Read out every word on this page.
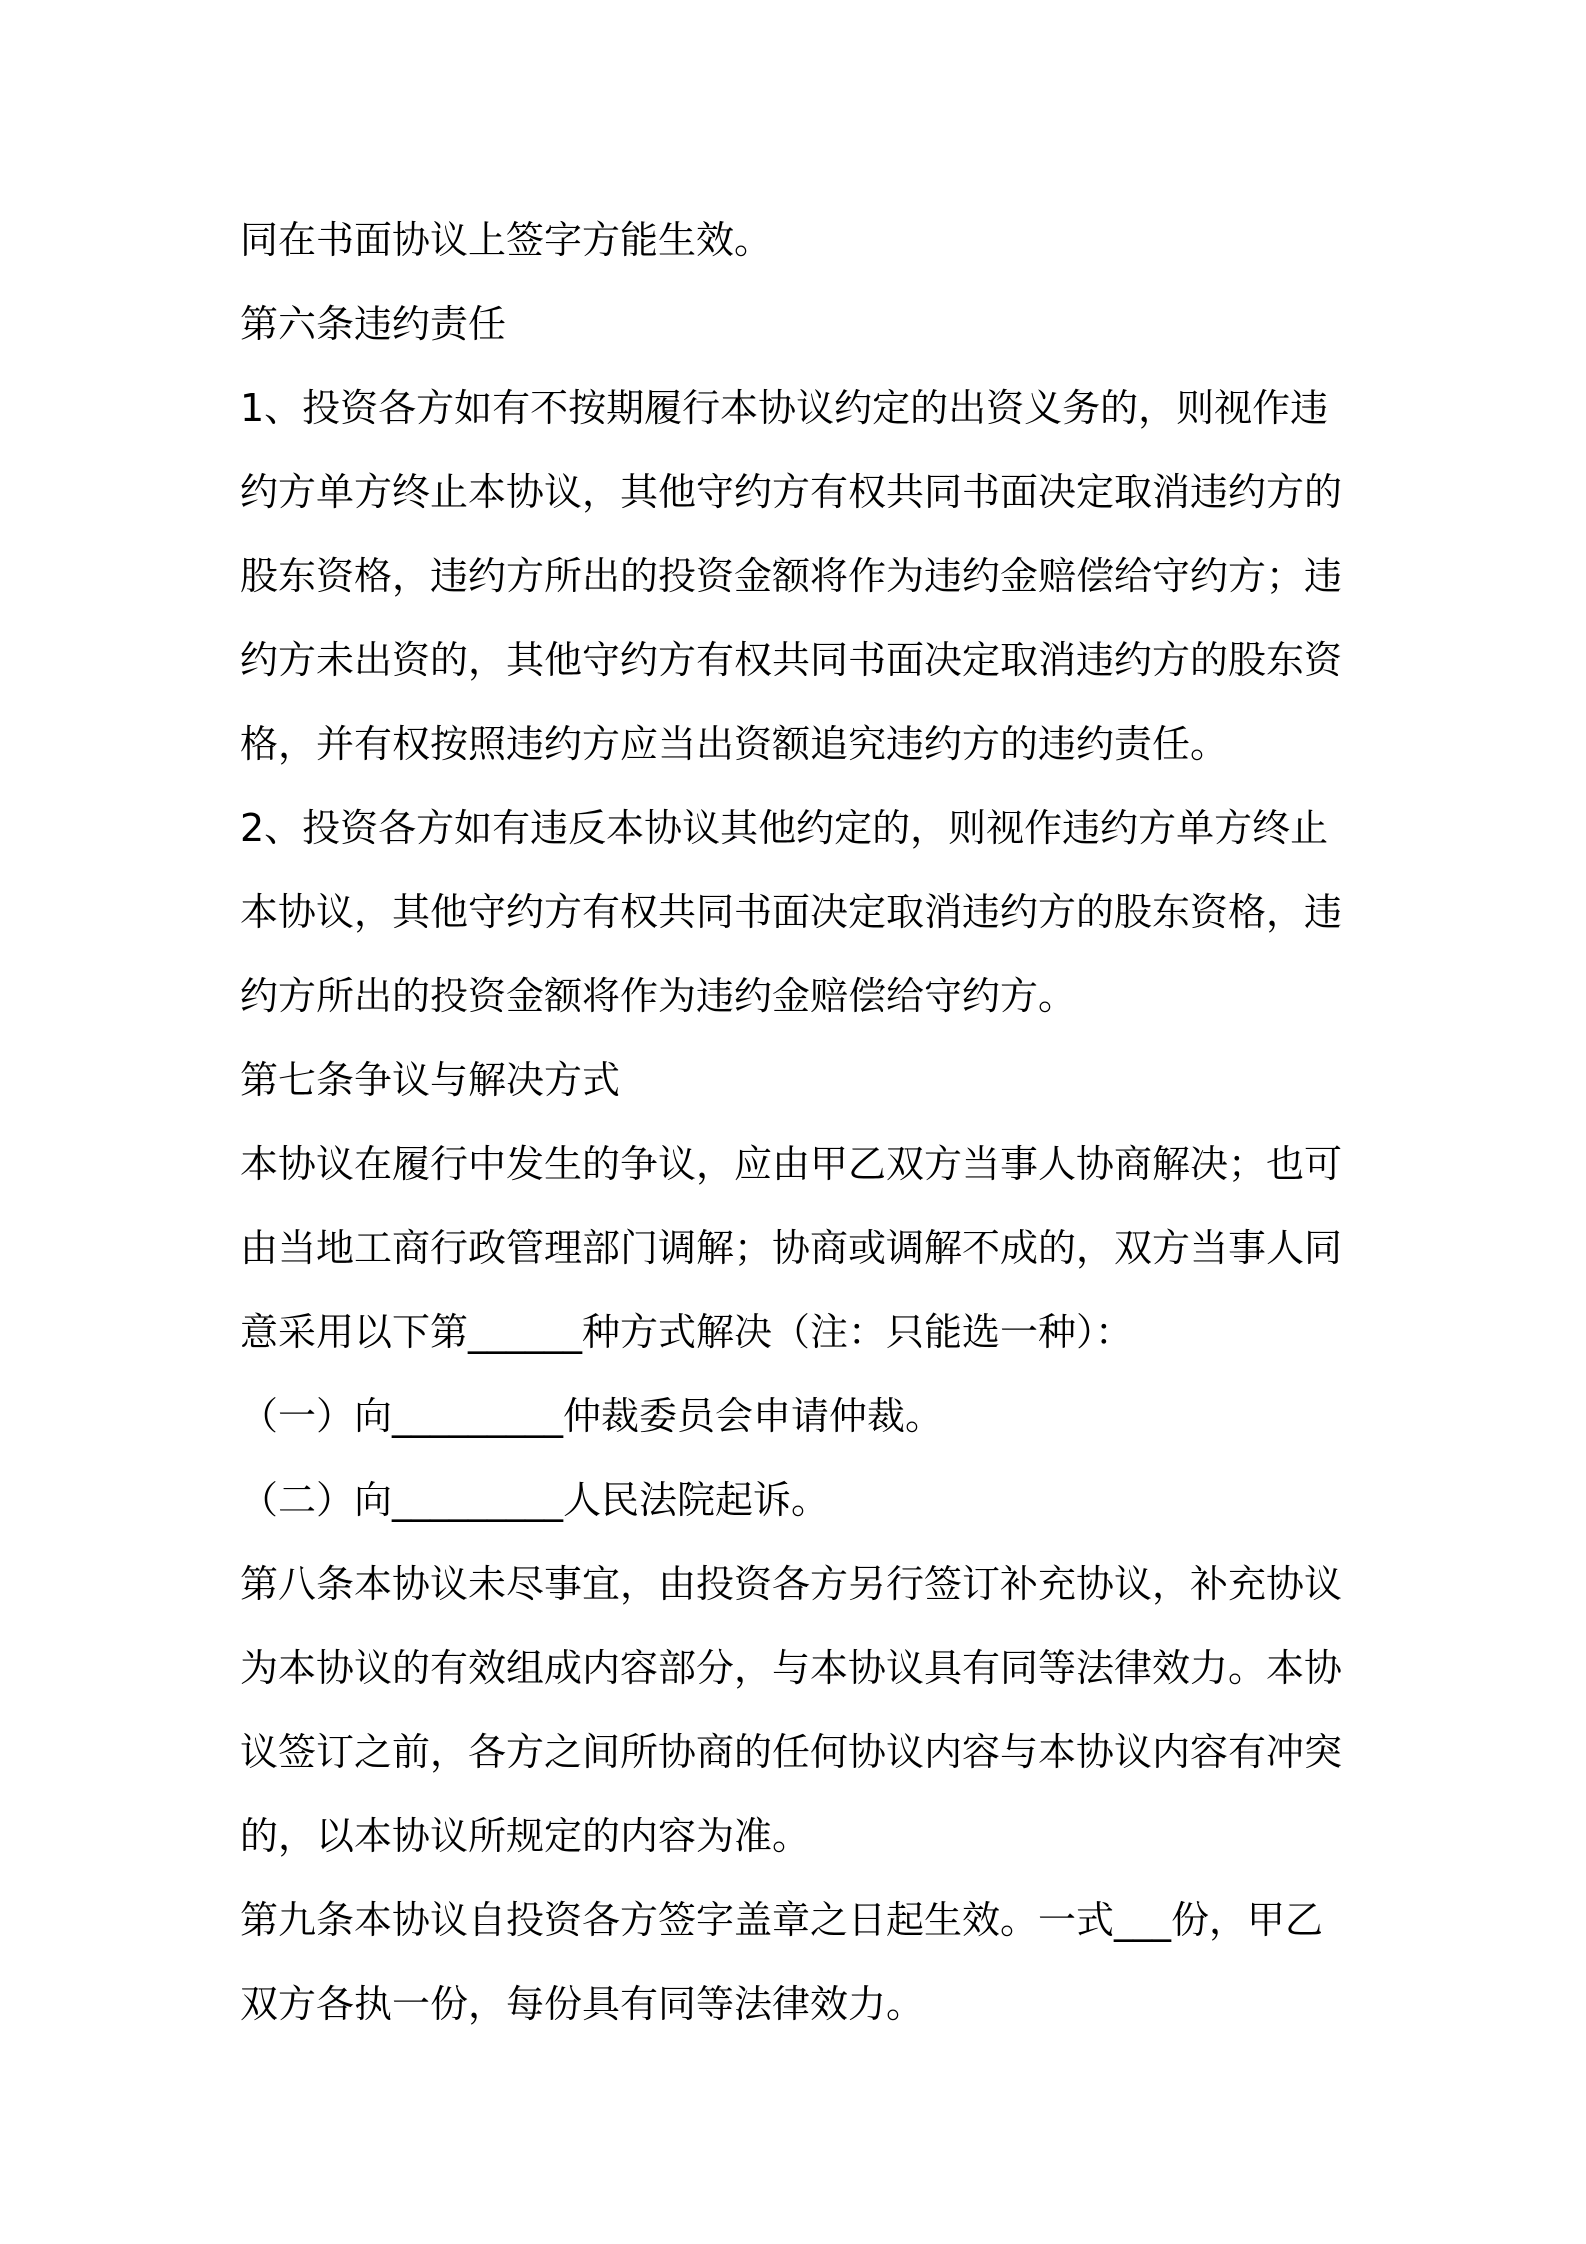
同在书面协议上签字方能生效。

第六条违约责任

1、投资各方如有不按期履行本协议约定的出资义务的，则视作违约方单方终止本协议，其他守约方有权共同书面决定取消违约方的股东资格，违约方所出的投资金额将作为违约金赔偿给守约方；违约方未出资的，其他守约方有权共同书面决定取消违约方的股东资格，并有权按照违约方应当出资额追究违约方的违约责任。

2、投资各方如有违反本协议其他约定的，则视作违约方单方终止本协议，其他守约方有权共同书面决定取消违约方的股东资格，违约方所出的投资金额将作为违约金赔偿给守约方。

第七条争议与解决方式

本协议在履行中发生的争议，应由甲乙双方当事人协商解决；也可由当地工商行政管理部门调解；协商或调解不成的，双方当事人同意采用以下第______种方式解决（注：只能选一种）：

（一）向_________仲裁委员会申请仲裁。

（二）向_________人民法院起诉。

第八条本协议未尽事宜，由投资各方另行签订补充协议，补充协议为本协议的有效组成内容部分，与本协议具有同等法律效力。本协议签订之前，各方之间所协商的任何协议内容与本协议内容有冲突的，以本协议所规定的内容为准。

第九条本协议自投资各方签字盖章之日起生效。一式___份，甲乙双方各执一份，每份具有同等法律效力。
